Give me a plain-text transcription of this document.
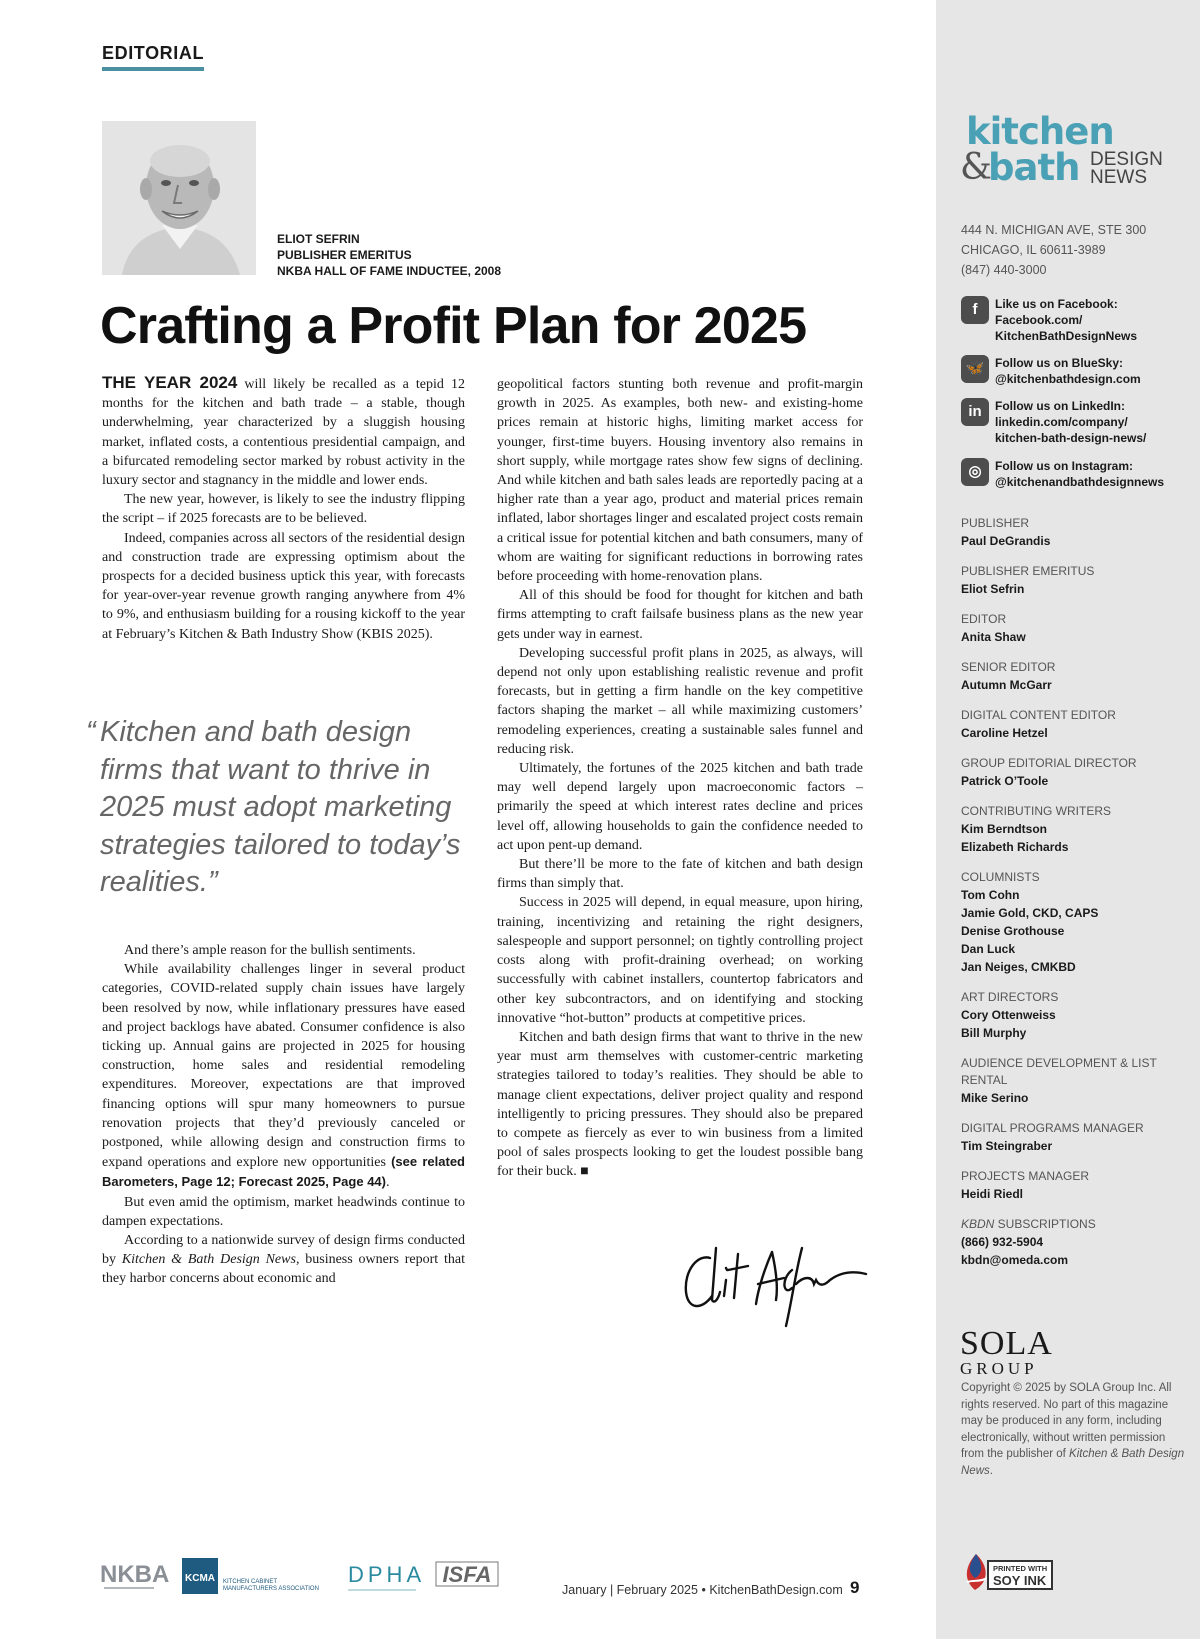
EDITORIAL
ELIOT SEFRIN
PUBLISHER EMERITUS
NKBA HALL OF FAME INDUCTEE, 2008
Crafting a Profit Plan for 2025

THE YEAR 2024 will likely be recalled as a tepid 12 months for the kitchen and bath trade – a stable, though underwhelming, year characterized by a sluggish housing market, inflated costs, a contentious presidential campaign, and a bifurcated remodeling sector marked by robust activity in the luxury sector and stagnancy in the middle and lower ends.

The new year, however, is likely to see the industry flipping the script – if 2025 forecasts are to be believed.

Indeed, companies across all sectors of the residential design and construction trade are expressing optimism about the prospects for a decided business uptick this year, with forecasts for year-over-year revenue growth ranging anywhere from 4% to 9%, and enthusiasm building for a rousing kickoff to the year at February’s Kitchen & Bath Industry Show (KBIS 2025).

“ Kitchen and bath design firms that want to thrive in 2025 must adopt marketing strategies tailored to today’s realities.”

And there’s ample reason for the bullish sentiments.

While availability challenges linger in several product categories, COVID-related supply chain issues have largely been resolved by now, while inflationary pressures have eased and project backlogs have abated. Consumer confidence is also ticking up. Annual gains are projected in 2025 for housing construction, home sales and residential remodeling expenditures. Moreover, expectations are that improved financing options will spur many homeowners to pursue renovation projects that they’d previously canceled or postponed, while allowing design and construction firms to expand operations and explore new opportunities (see related Barometers, Page 12; Forecast 2025, Page 44).

But even amid the optimism, market headwinds continue to dampen expectations.

According to a nationwide survey of design firms conducted by Kitchen & Bath Design News, business owners report that they harbor concerns about economic and

geopolitical factors stunting both revenue and profit-margin growth in 2025. As examples, both new- and existing-home prices remain at historic highs, limiting market access for younger, first-time buyers. Housing inventory also remains in short supply, while mortgage rates show few signs of declining. And while kitchen and bath sales leads are reportedly pacing at a higher rate than a year ago, product and material prices remain inflated, labor shortages linger and escalated project costs remain a critical issue for potential kitchen and bath consumers, many of whom are waiting for significant reductions in borrowing rates before proceeding with home-renovation plans.

All of this should be food for thought for kitchen and bath firms attempting to craft failsafe business plans as the new year gets under way in earnest.

Developing successful profit plans in 2025, as always, will depend not only upon establishing realistic revenue and profit forecasts, but in getting a firm handle on the key competitive factors shaping the market – all while maximizing customers’ remodeling experiences, creating a sustainable sales funnel and reducing risk.

Ultimately, the fortunes of the 2025 kitchen and bath trade may well depend largely upon macroeconomic factors – primarily the speed at which interest rates decline and prices level off, allowing households to gain the confidence needed to act upon pent-up demand.

But there’ll be more to the fate of kitchen and bath design firms than simply that.

Success in 2025 will depend, in equal measure, upon hiring, training, incentivizing and retaining the right designers, salespeople and support personnel; on tightly controlling project costs along with profit-draining overhead; on working successfully with cabinet installers, countertop fabricators and other key subcontractors, and on identifying and stocking innovative “hot-button” products at competitive prices.

Kitchen and bath design firms that want to thrive in the new year must arm themselves with customer-centric marketing strategies tailored to today’s realities. They should be able to manage client expectations, deliver project quality and respond intelligently to pricing pressures. They should also be prepared to compete as fiercely as ever to win business from a limited pool of sales prospects looking to get the loudest possible bang for their buck. ■

NKBA KCMA KITCHEN CABINET
MANUFACTURERS ASSOCIATION
DPHA ISFA
January | February 2025 • KitchenBathDesign.com 9
kitchen
&
bath DESIGN
NEWS
444 N. MICHIGAN AVE, STE 300
CHICAGO, IL 60611-3989
(847) 440-3000
f	Like us on Facebook:
Facebook.com/
KitchenBathDesignNews
🦋 Follow us on BlueSky:
@kitchenbathdesign.com
in	Follow us on LinkedIn:
linkedin.com/company/
kitchen-bath-design-news/
◎	Follow us on Instagram:
@kitchenandbathdesignnews
PUBLISHER
Paul DeGrandis
PUBLISHER EMERITUS
Eliot Sefrin
EDITOR
Anita Shaw
SENIOR EDITOR
Autumn McGarr
DIGITAL CONTENT EDITOR
Caroline Hetzel
GROUP EDITORIAL DIRECTOR
Patrick O’Toole
CONTRIBUTING WRITERS
Kim Berndtson
Elizabeth Richards
COLUMNISTS
Tom Cohn
Jamie Gold, CKD, CAPS
Denise Grothouse
Dan Luck
Jan Neiges, CMKBD
ART DIRECTORS
Cory Ottenweiss
Bill Murphy
AUDIENCE DEVELOPMENT & LIST RENTAL
Mike Serino
DIGITAL PROGRAMS MANAGER
Tim Steingraber
PROJECTS MANAGER
Heidi Riedl
KBDN SUBSCRIPTIONS
(866) 932-5904
kbdn@omeda.com
SOLA
GROUP
Copyright © 2025 by SOLA Group Inc. All rights reserved. No part of this magazine may be produced in any form, including electronically, without written permission from the publisher of Kitchen & Bath Design News.
PRINTED WITH
SOY INK
